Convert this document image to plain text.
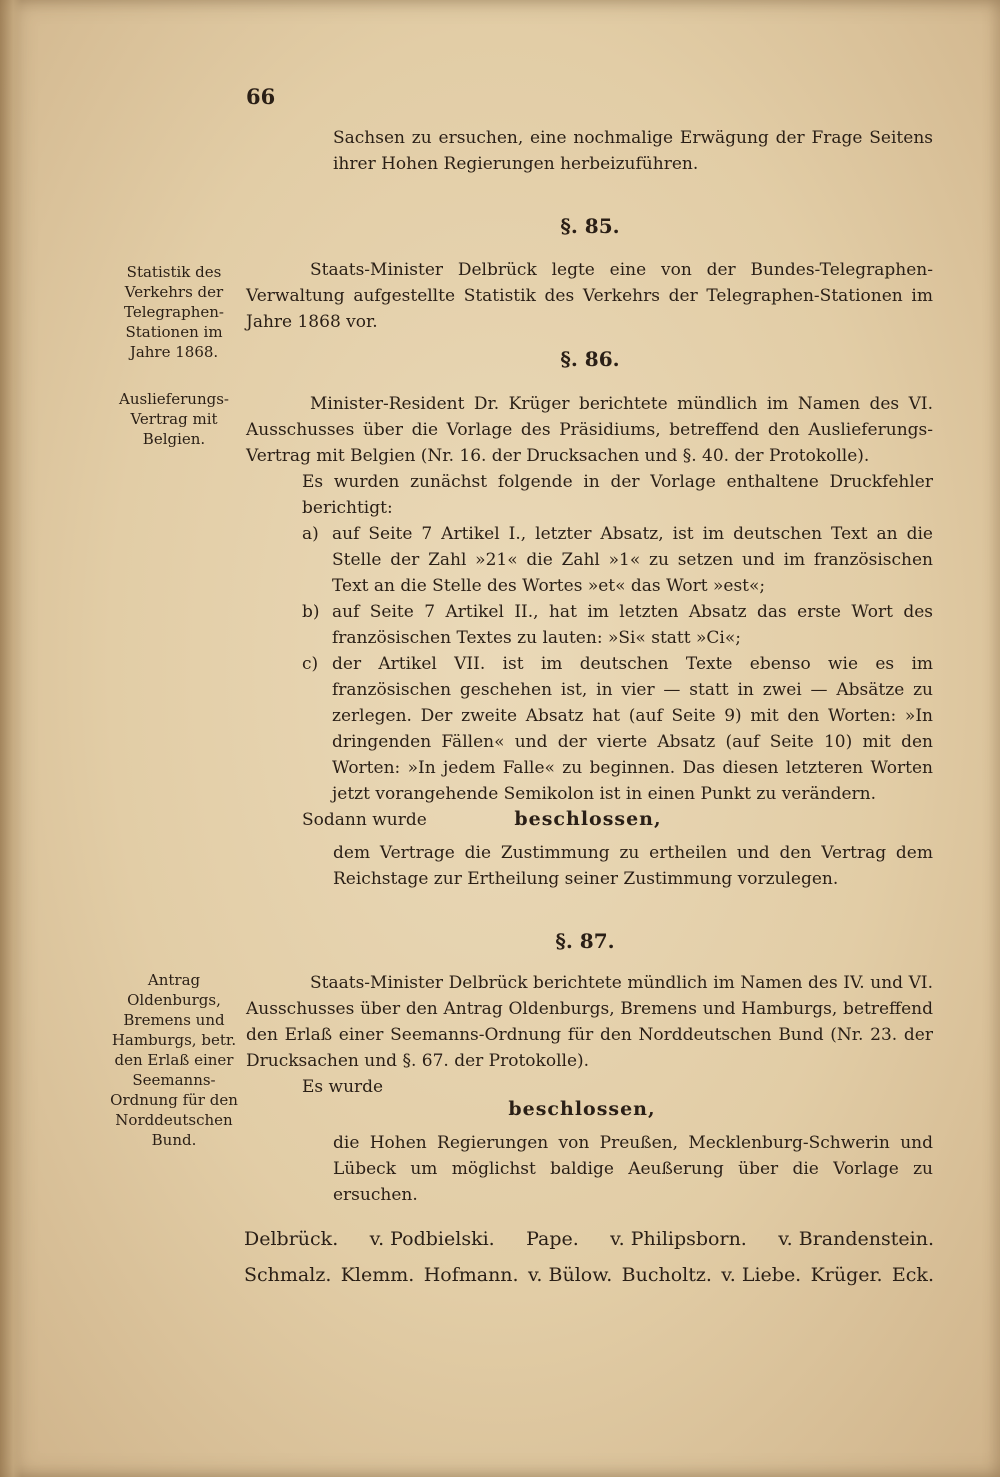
66
Sachsen zu ersuchen, eine nochmalige Erwägung der Frage Seitens ihrer Hohen Regierungen herbeizuführen.
§. 85.
Statistik des Verkehrs der Telegraphen-Stationen im Jahre 1868.
Staats-Minister Delbrück legte eine von der Bundes-Telegraphen-Verwaltung aufgestellte Statistik des Verkehrs der Telegraphen-Stationen im Jahre 1868 vor.
§. 86.
Auslieferungs-Vertrag mit Belgien.
Minister-Resident Dr. Krüger berichtete mündlich im Namen des VI. Ausschusses über die Vorlage des Präsidiums, betreffend den Auslieferungs-Vertrag mit Belgien (Nr. 16. der Drucksachen und §. 40. der Protokolle).

Es wurden zunächst folgende in der Vorlage enthaltene Druckfehler berichtigt:

a) auf Seite 7 Artikel I., letzter Absatz, ist im deutschen Text an die Stelle der Zahl »21« die Zahl »1« zu setzen und im französischen Text an die Stelle des Wortes »et« das Wort »est«;
b) auf Seite 7 Artikel II., hat im letzten Absatz das erste Wort des französischen Textes zu lauten: »Si« statt »Ci«;
c) der Artikel VII. ist im deutschen Texte ebenso wie es im französischen geschehen ist, in vier — statt in zwei — Absätze zu zerlegen. Der zweite Absatz hat (auf Seite 9) mit den Worten: »In dringenden Fällen« und der vierte Absatz (auf Seite 10) mit den Worten: »In jedem Falle« zu beginnen. Das diesen letzteren Worten jetzt vorangehende Semikolon ist in einen Punkt zu verändern.

Sodann wurde	beschlossen,
dem Vertrage die Zustimmung zu ertheilen und den Vertrag dem Reichstage zur Ertheilung seiner Zustimmung vorzulegen.
§. 87.
Antrag Oldenburgs, Bremens und Hamburgs, betr. den Erlaß einer Seemanns-Ordnung für den Norddeutschen Bund.

Staats-Minister Delbrück berichtete mündlich im Namen des IV. und VI. Ausschusses über den Antrag Oldenburgs, Bremens und Hamburgs, betreffend den Erlaß einer Seemanns-Ordnung für den Norddeutschen Bund (Nr. 23. der Drucksachen und §. 67. der Protokolle).

Es wurde

beschlossen,
die Hohen Regierungen von Preußen, Mecklenburg-Schwerin und Lübeck um möglichst baldige Aeußerung über die Vorlage zu ersuchen.
Delbrück. v. Podbielski. Pape. v. Philipsborn. v. Brandenstein.
Schmalz. Klemm. Hofmann. v. Bülow. Bucholtz. v. Liebe. Krüger. Eck.
